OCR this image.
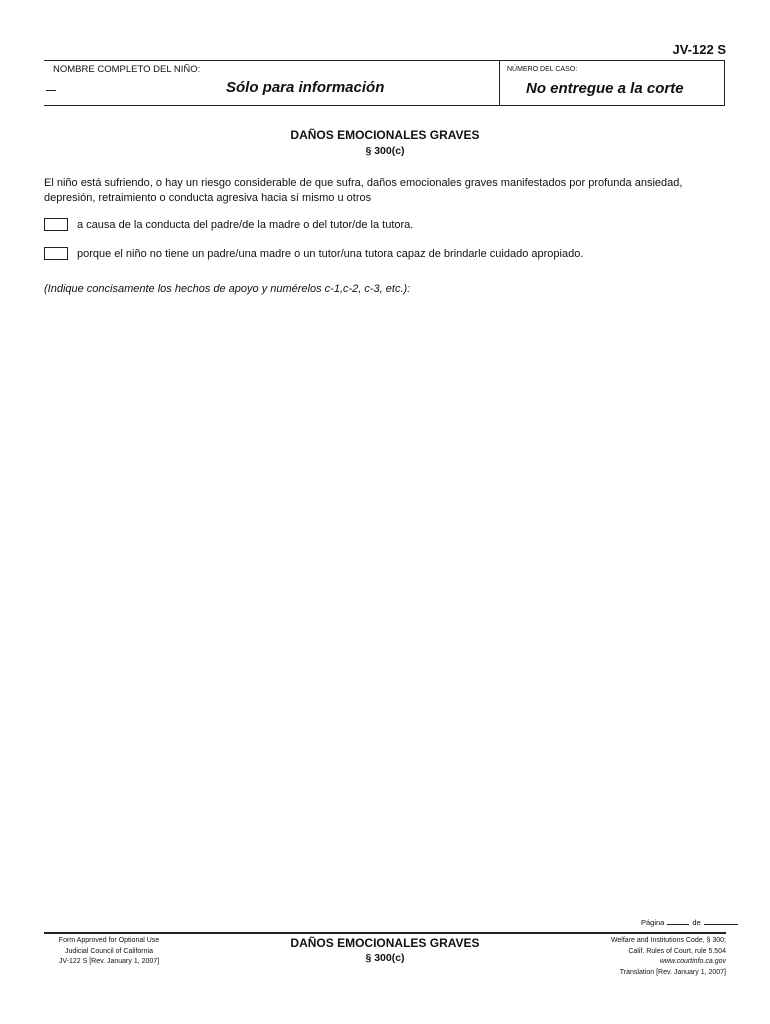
JV-122 S
NOMBRE COMPLETO DEL NIÑO:	NÚMERO DEL CASO:
Sólo para información	No entregue a la corte
DAÑOS EMOCIONALES GRAVES
§ 300(c)
El niño está sufriendo, o hay un riesgo considerable de que sufra, daños emocionales graves manifestados por profunda ansiedad, depresión, retraimiento o conducta agresiva hacia sí mismo u otros
a causa de la conducta del padre/de la madre o del tutor/de la tutora.
porque el niño no tiene un padre/una madre o un tutor/una tutora capaz de brindarle cuidado apropiado.
(Indique concisamente los hechos de apoyo y numérelos c-1,c-2, c-3, etc.):
Página	de
Form Approved for Optional Use
Judicial Council of California
JV-122 S [Rev. January 1, 2007]
DAÑOS EMOCIONALES GRAVES
§ 300(c)
Welfare and Institutions Code, § 300;
Calif. Rules of Court, rule 5.504
www.courtinfo.ca.gov
Translation [Rev. January 1, 2007]
